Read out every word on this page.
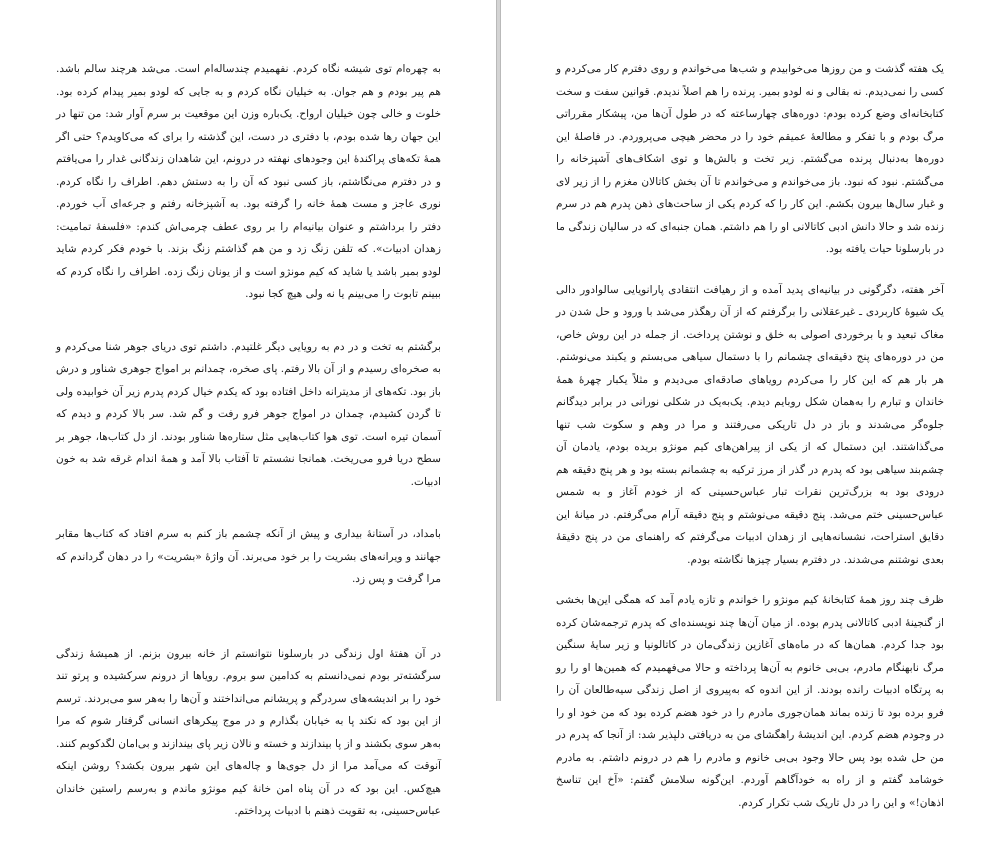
به چهره‌ام توی شیشه نگاه کردم. نفهمیدم چندساله‌ام است. می‌شد هرچند سالم باشد. هم پیر بودم و هم جوان. به خیلیان نگاه کردم و به جایی که لودو بمیر پیدا‌م کرده بود. خلوت و خالی چون خیلیان ارواح. یک‌باره وزن این موقعیت بر سرم آوار شد: من تنها در این جهان رها شده بودم، با دفتری در دست، این گذشته را برای که می‌کاویدم؟ حتی اگر همهٔ تکه‌های پراکندهٔ این وجودهای نهفته در درونم، این شاهدان زندگانی غدار را می‌یافتم و در دفترم می‌نگاشتم، باز کسی نبود که آن را به دستش دهم. اطراف را نگاه کردم. نوری عاجز و مست همهٔ خانه را گرفته بود. به آشپزخانه رفتم و جرعه‌ای آب خوردم. دفتر را برداشتم و عنوان بیانیه‌ام را بر روی عطف چرمی‌اش کندم: «فلسفهٔ تمامیت: زهدان ادبیات». که تلفن زنگ زد و من هم گذاشتم زنگ بزند. با خودم فکر کردم شاید لودو بمیر باشد یا شاید که کیم مونژو است و از یونان زنگ زده. اطراف را نگاه کردم که ببینم تابوت را می‌بینم یا نه ولی هیچ کجا نبود.

برگشتم به تخت و در دم به رویایی دیگر غلتیدم. داشتم توی دریای جوهر شنا می‌کردم و به صخره‌ای رسیدم و از آن بالا رفتم. پای صخره، چمدانم بر امواج جوهری شناور و درش باز بود. تکه‌های از مدیترانه داخل افتاده بود که یکدم خیال کردم پدرم زیر آن خوابیده ولی تا گردن کشیدم، چمدان در امواج جوهر فرو رفت و گم شد. سر بالا کردم و دیدم که آسمان تیره است. توی هوا کتاب‌هایی مثل ستاره‌ها شناور بودند. از دل کتاب‌ها، جوهر بر سطح دریا فرو می‌ریخت. همانجا نشستم تا آفتاب بالا آمد و همهٔ اندام غرقه شد به خون ادبیات.

بامداد، در آستانهٔ بیداری و پیش از آنکه چشمم باز کنم به سرم افتاد که کتاب‌ها مقابر جهانند و ویرانه‌های بشریت را بر خود می‌برند. آن واژهٔ «بشریت» را در دهان گرداندم که مرا گرفت و پس زد.

در آن هفتهٔ اول زندگی در بارسلونا نتوانستم از خانه بیرون بزنم. از همیشهٔ زندگی سرگشته‌تر بودم نمی‌دانستم به کدامین سو بروم. رویاها از درونم سرکشیده و پرتو تند خود را بر اندیشه‌های سردرگم و پریشانم می‌انداختند و آن‌ها را به‌هر سو می‌بردند. ترسم از این بود که نکند پا به خیابان بگذارم و در موج پیکرهای انسانی گرفتار شوم که مرا به‌هر سوی بکشند و از پا بیندازند و خسته و نالان زیر پای بیندازند و بی‌امان لگدکوبم کنند. آنوقت که می‌آمد مرا از دل جوی‌ها و چاله‌های این شهر بیرون بکشد؟ روشن اینکه هیچ‌کس. این بود که در آن پناه امن خانهٔ کیم مونژو ماندم و به‌رسم راستین خاندان عباس‌حسینی، به تقویت ذهنم با ادبیات پرداختم.

یک هفته گذشت و من روزها می‌خوابیدم و شب‌ها می‌خواندم و روی دفترم کار می‌کردم و کسی را نمی‌دیدم. نه بقالی و نه لودو بمیر. پرنده را هم اصلاً ندیدم. قوانین سفت و سخت کتابخانه‌ای وضع کرده بودم: دوره‌های چهارساعته که در طول آن‌ها من، پیشکار مقرراتی مرگ بودم و با تفکر و مطالعهٔ عمیقم خود را در محضر هیچی می‌پروردم. در فاصلهٔ این دوره‌ها به‌دنبال پرنده می‌گشتم. زیر تخت و بالش‌ها و توی اشکاف‌های آشپزخانه را می‌گشتم. نبود که نبود. باز می‌خواندم و می‌خواندم تا آن بخش کاتالان مغزم را از زیر لای و غبار سال‌ها بیرون بکشم. این کار را که کردم یکی از ساحت‌های ذهن پدرم هم در سرم زنده شد و حالا دانش ادبی کاتالانی او را هم داشتم. همان جنبه‌ای که در سالیان زندگی ما در بارسلونا حیات یافته بود.

آخر هفته، دگرگونی در بیانیه‌ای پدید آمده و از رهیافت انتقادی پارانویایی سالوادور دالی یک شیوهٔ کاربردی ـ غیرعقلانی را برگرفتم که از آن رهگذر می‌شد با ورود و حل شدن در مغاک تبعید و با برخوردی اصولی به خلق و نوشتن پرداخت. از جمله در این روش خاص، من در دوره‌های پنج دقیقه‌ای چشمانم را با دستمال سیاهی می‌بستم و یکبند می‌نوشتم. هر بار هم که این کار را می‌کردم رویاهای صادقه‌ای می‌دیدم و مثلاً یکبار چهرهٔ همهٔ خاندان و تبارم را به‌همان شکل روبایم دیدم. یک‌به‌یک در شکلی نورانی در برابر دیدگانم جلوه‌گر می‌شدند و باز در دل تاریکی می‌رفتند و مرا در وهم و سکوت شب تنها می‌گذاشتند. این دستمال که از یکی از پیراهن‌های کیم مونژو بریده بودم، یادمان آن چشم‌بند سیاهی بود که پدرم در گذر از مرز ترکیه به چشمانم بسته بود و هر پنج دقیقه هم درودی بود به بزرگ‌ترین نقرات تبار عباس‌حسینی که از خودم آغاز و به شمس عباس‌حسینی ختم می‌شد. پنج دقیقه می‌نوشتم و پنج دقیقه آرام می‌گرفتم. در میانهٔ این دقایق استراحت، نشسانه‌هایی از زهدان ادبیات می‌گرفتم که راهنمای من در پنج دقیقهٔ بعدی نوشتنم می‌شدند. در دفترم بسیار چیزها نگاشته بودم.

ظرف چند روز همهٔ کتابخانهٔ کیم مونژو را خواندم و تازه یادم آمد که همگی این‌ها بخشی از گنجینهٔ ادبی کاتالانی پدرم بوده. از میان آن‌ها چند نویسنده‌ای که پدرم ترجمه‌شان کرده بود جدا کردم. همان‌ها که در ماه‌های آغازین زندگی‌مان در کاتالونیا و زیر سایهٔ سنگین مرگ نابهنگام مادرم، بی‌بی خانوم به آن‌ها پرداخته و حالا می‌فهمیدم که همین‌ها او را رو به پرتگاه ادبیات رانده بودند. از این اندوه که به‌پیروی از اصل زندگی سیه‌طالعان آن را فرو برده بود تا زنده بماند همان‌جوری مادرم را در خود هضم کرده بود که من خود او را در وجودم هضم کردم. این اندیشهٔ راهگشای من به دریافتی دلپذیر شد: از آنجا که پدرم در من حل شده بود پس حالا وجود بی‌بی خانوم و مادرم را هم در درونم داشتم. به مادرم خوشامد گفتم و از راه به خودآگاهم آوردم. این‌گونه سلامش گفتم: «آخ این تناسخ اذهان!» و این را در دل تاریک شب تکرار کردم.
